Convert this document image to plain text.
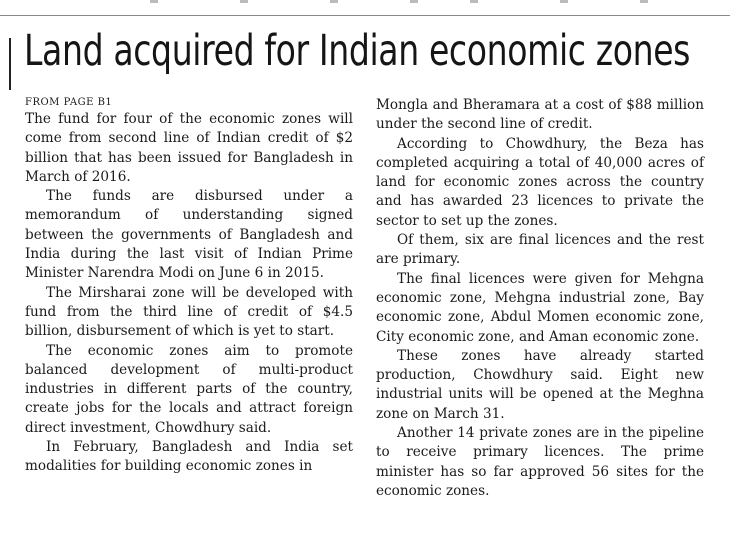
Land acquired for Indian economic zones

FROM PAGE B1

The fund for four of the economic zones will come from second line of Indian credit of $2 billion that has been issued for Bangladesh in March of 2016.

The funds are disbursed under a memorandum of understanding signed between the governments of Bangladesh and India during the last visit of Indian Prime Minister Narendra Modi on June 6 in 2015.

The Mirsharai zone will be developed with fund from the third line of credit of $4.5 billion, disbursement of which is yet to start.

The economic zones aim to promote balanced development of multi-product industries in different parts of the country, create jobs for the locals and attract foreign direct investment, Chowdhury said.

In February, Bangladesh and India set modalities for building economic zones in

Mongla and Bheramara at a cost of $88 million under the second line of credit.

According to Chowdhury, the Beza has completed acquiring a total of 40,000 acres of land for economic zones across the country and has awarded 23 licences to private the sector to set up the zones.

Of them, six are final licences and the rest are primary.

The final licences were given for Mehgna economic zone, Mehgna industrial zone, Bay economic zone, Abdul Momen economic zone, City economic zone, and Aman economic zone.

These zones have already started production, Chowdhury said. Eight new industrial units will be opened at the Meghna zone on March 31.

Another 14 private zones are in the pipeline to receive primary licences. The prime minister has so far approved 56 sites for the economic zones.
